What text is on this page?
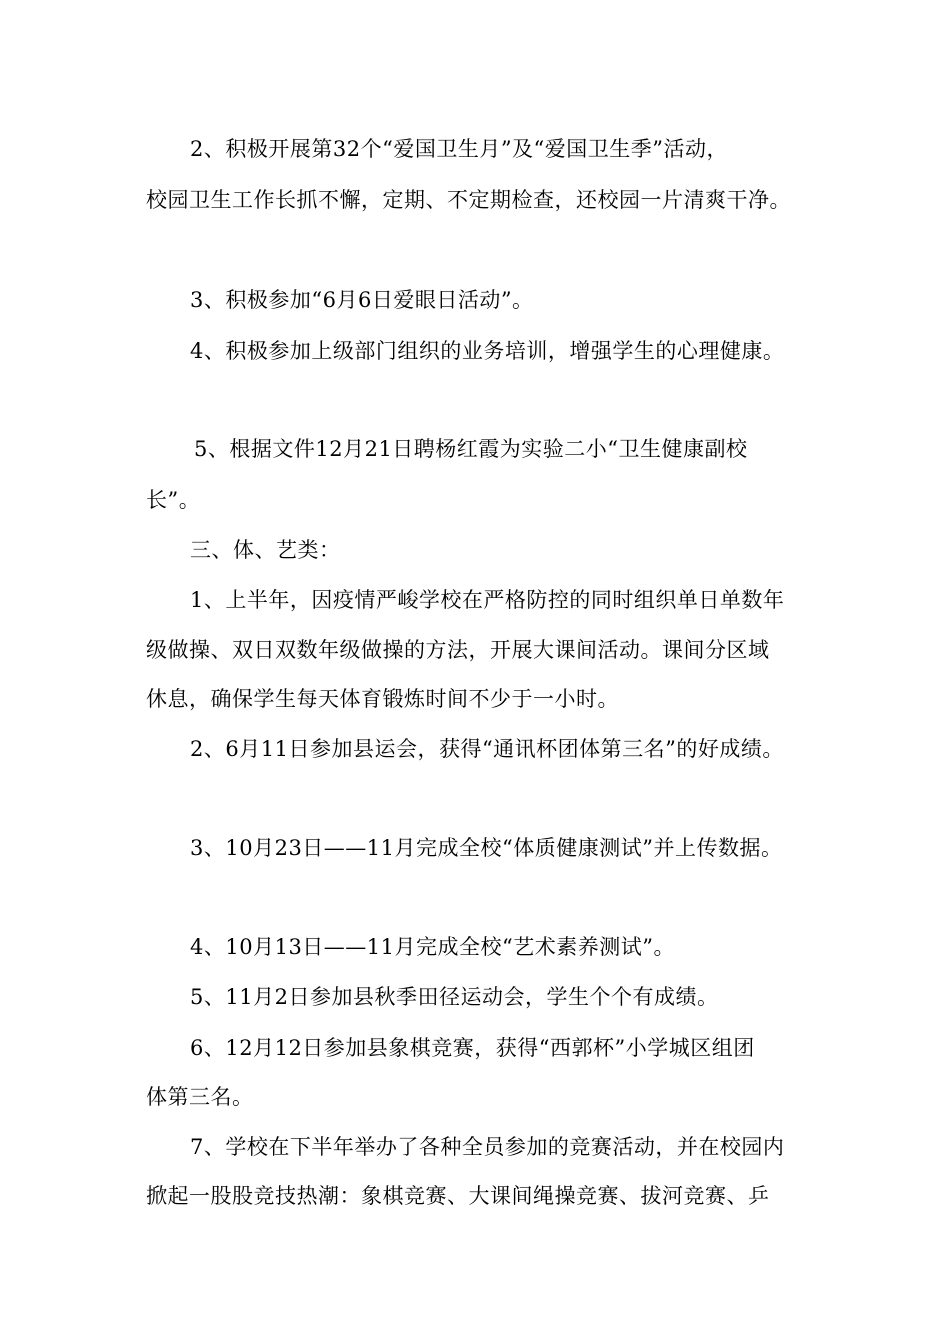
2、积极开展第32个“爱国卫生月”及“爱国卫生季”活动，
校园卫生工作长抓不懈，定期、不定期检查，还校园一片清爽干净。
3、积极参加“6月6日爱眼日活动”。
4、积极参加上级部门组织的业务培训，增强学生的心理健康。
5、根据文件12月21日聘杨红霞为实验二小“卫生健康副校
长”。
三、体、艺类：
1、上半年，因疫情严峻学校在严格防控的同时组织单日单数年
级做操、双日双数年级做操的方法，开展大课间活动。课间分区域
休息，确保学生每天体育锻炼时间不少于一小时。
2、6月11日参加县运会，获得“通讯杯团体第三名”的好成绩。
3、10月23日——11月完成全校“体质健康测试”并上传数据。
4、10月13日——11月完成全校“艺术素养测试”。
5、11月2日参加县秋季田径运动会，学生个个有成绩。
6、12月12日参加县象棋竞赛，获得“西郭杯”小学城区组团
体第三名。
7、学校在下半年举办了各种全员参加的竞赛活动，并在校园内
掀起一股股竞技热潮：象棋竞赛、大课间绳操竞赛、拔河竞赛、乒
